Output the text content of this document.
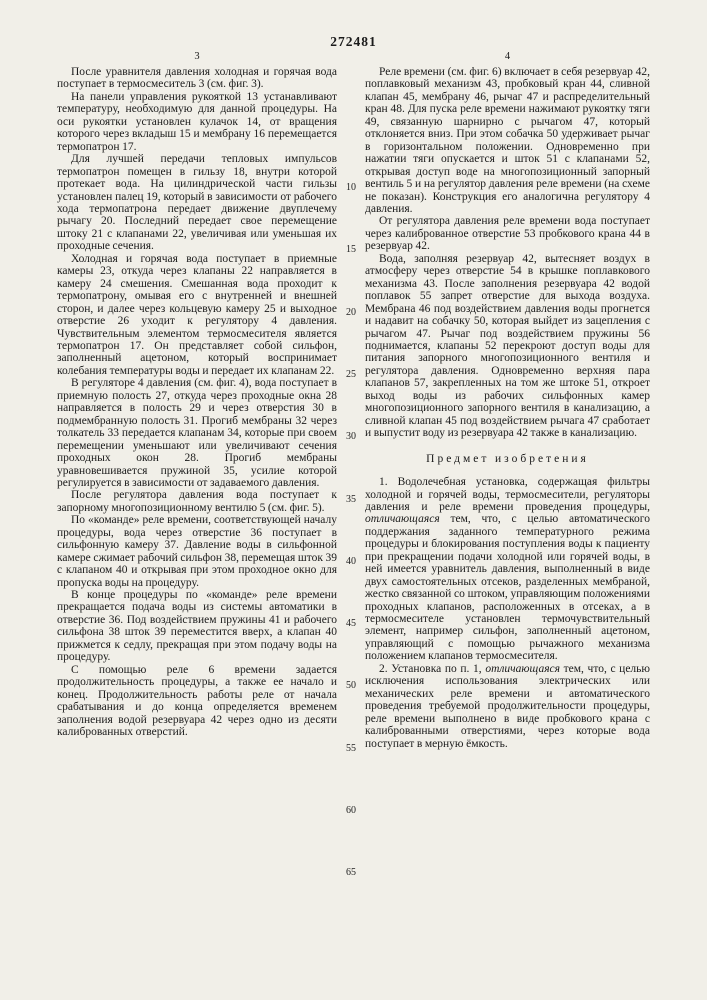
272481
3	4

После уравнителя давления холодная и горячая вода поступает в термосмеситель 3 (см. фиг. 3).

На панели управления рукояткой 13 устанавливают температуру, необходимую для данной процедуры. На оси рукоятки установлен кулачок 14, от вращения которого через вкладыш 15 и мембрану 16 перемещается термопатрон 17.

Для лучшей передачи тепловых импульсов термопатрон помещен в гильзу 18, внутри которой протекает вода. На цилиндрической части гильзы установлен палец 19, который в зависимости от рабочего хода термопатрона передает движение двуплечему рычагу 20. Последний передает свое перемещение штоку 21 с клапанами 22, увеличивая или уменьшая их проходные сечения.

Холодная и горячая вода поступает в приемные камеры 23, откуда через клапаны 22 направляется в камеру 24 смешения. Смешанная вода проходит к термопатрону, омывая его с внутренней и внешней сторон, и далее через кольцевую камеру 25 и выходное отверстие 26 уходит к регулятору 4 давления. Чувствительным элементом термосмесителя является термопатрон 17. Он представляет собой сильфон, заполненный ацетоном, который воспринимает колебания температуры воды и передает их клапанам 22.

В регуляторе 4 давления (см. фиг. 4), вода поступает в приемную полость 27, откуда через проходные окна 28 направляется в полость 29 и через отверстия 30 в подмембранную полость 31. Прогиб мембраны 32 через толкатель 33 передается клапанам 34, которые при своем перемещении уменьшают или увеличивают сечения проходных окон 28. Прогиб мембраны уравновешивается пружиной 35, усилие которой регулируется в зависимости от задаваемого давления.

После регулятора давления вода поступает к запорному многопозиционному вентилю 5 (см. фиг. 5).

По «команде» реле времени, соответствующей началу процедуры, вода через отверстие 36 поступает в сильфонную камеру 37. Давление воды в сильфонной камере сжимает рабочий сильфон 38, перемещая шток 39 с клапаном 40 и открывая при этом проходное окно для пропуска воды на процедуру.

В конце процедуры по «команде» реле времени прекращается подача воды из системы автоматики в отверстие 36. Под воздействием пружины 41 и рабочего сильфона 38 шток 39 переместится вверх, а клапан 40 прижмется к седлу, прекращая при этом подачу воды на процедуру.

С помощью реле 6 времени задается продолжительность процедуры, а также ее начало и конец. Продолжительность работы реле от начала срабатывания и до конца определяется временем заполнения водой резервуара 42 через одно из десяти калиброванных отверстий.

10
15
20
25
30
35
40
45
50
55
60
65

Реле времени (см. фиг. 6) включает в себя резервуар 42, поплавковый механизм 43, пробковый кран 44, сливной клапан 45, мембрану 46, рычаг 47 и распределительный кран 48. Для пуска реле времени нажимают рукоятку тяги 49, связанную шарнирно с рычагом 47, который отклоняется вниз. При этом собачка 50 удерживает рычаг в горизонтальном положении. Одновременно при нажатии тяги опускается и шток 51 с клапанами 52, открывая доступ воде на многопозиционный запорный вентиль 5 и на регулятор давления реле времени (на схеме не показан). Конструкция его аналогична регулятору 4 давления.

От регулятора давления реле времени вода поступает через калиброванное отверстие 53 пробкового крана 44 в резервуар 42.

Вода, заполняя резервуар 42, вытесняет воздух в атмосферу через отверстие 54 в крышке поплавкового механизма 43. После заполнения резервуара 42 водой поплавок 55 запрет отверстие для выхода воздуха. Мембрана 46 под воздействием давления воды прогнется и надавит на собачку 50, которая выйдет из зацепления с рычагом 47. Рычаг под воздействием пружины 56 поднимается, клапаны 52 перекроют доступ воды для питания запорного многопозиционного вентиля и регулятора давления. Одновременно верхняя пара клапанов 57, закрепленных на том же штоке 51, откроет выход воды из рабочих сильфонных камер многопозиционного запорного вентиля в канализацию, а сливной клапан 45 под воздействием рычага 47 сработает и выпустит воду из резервуара 42 также в канализацию.

Предмет изобретения

1. Водолечебная установка, содержащая фильтры холодной и горячей воды, термосмесители, регуляторы давления и реле времени проведения процедуры, отличающаяся тем, что, с целью автоматического поддержания заданного температурного режима процедуры и блокирования поступления воды к пациенту при прекращении подачи холодной или горячей воды, в ней имеется уравнитель давления, выполненный в виде двух самостоятельных отсеков, разделенных мембраной, жестко связанной со штоком, управляющим положениями проходных клапанов, расположенных в отсеках, а в термосмесителе установлен термочувствительный элемент, например сильфон, заполненный ацетоном, управляющий с помощью рычажного механизма положением клапанов термосмесителя.

2. Установка по п. 1, отличающаяся тем, что, с целью исключения использования электрических или механических реле времени и автоматического проведения требуемой продолжительности процедуры, реле времени выполнено в виде пробкового крана с калиброванными отверстиями, через которые вода поступает в мерную ёмкость.
